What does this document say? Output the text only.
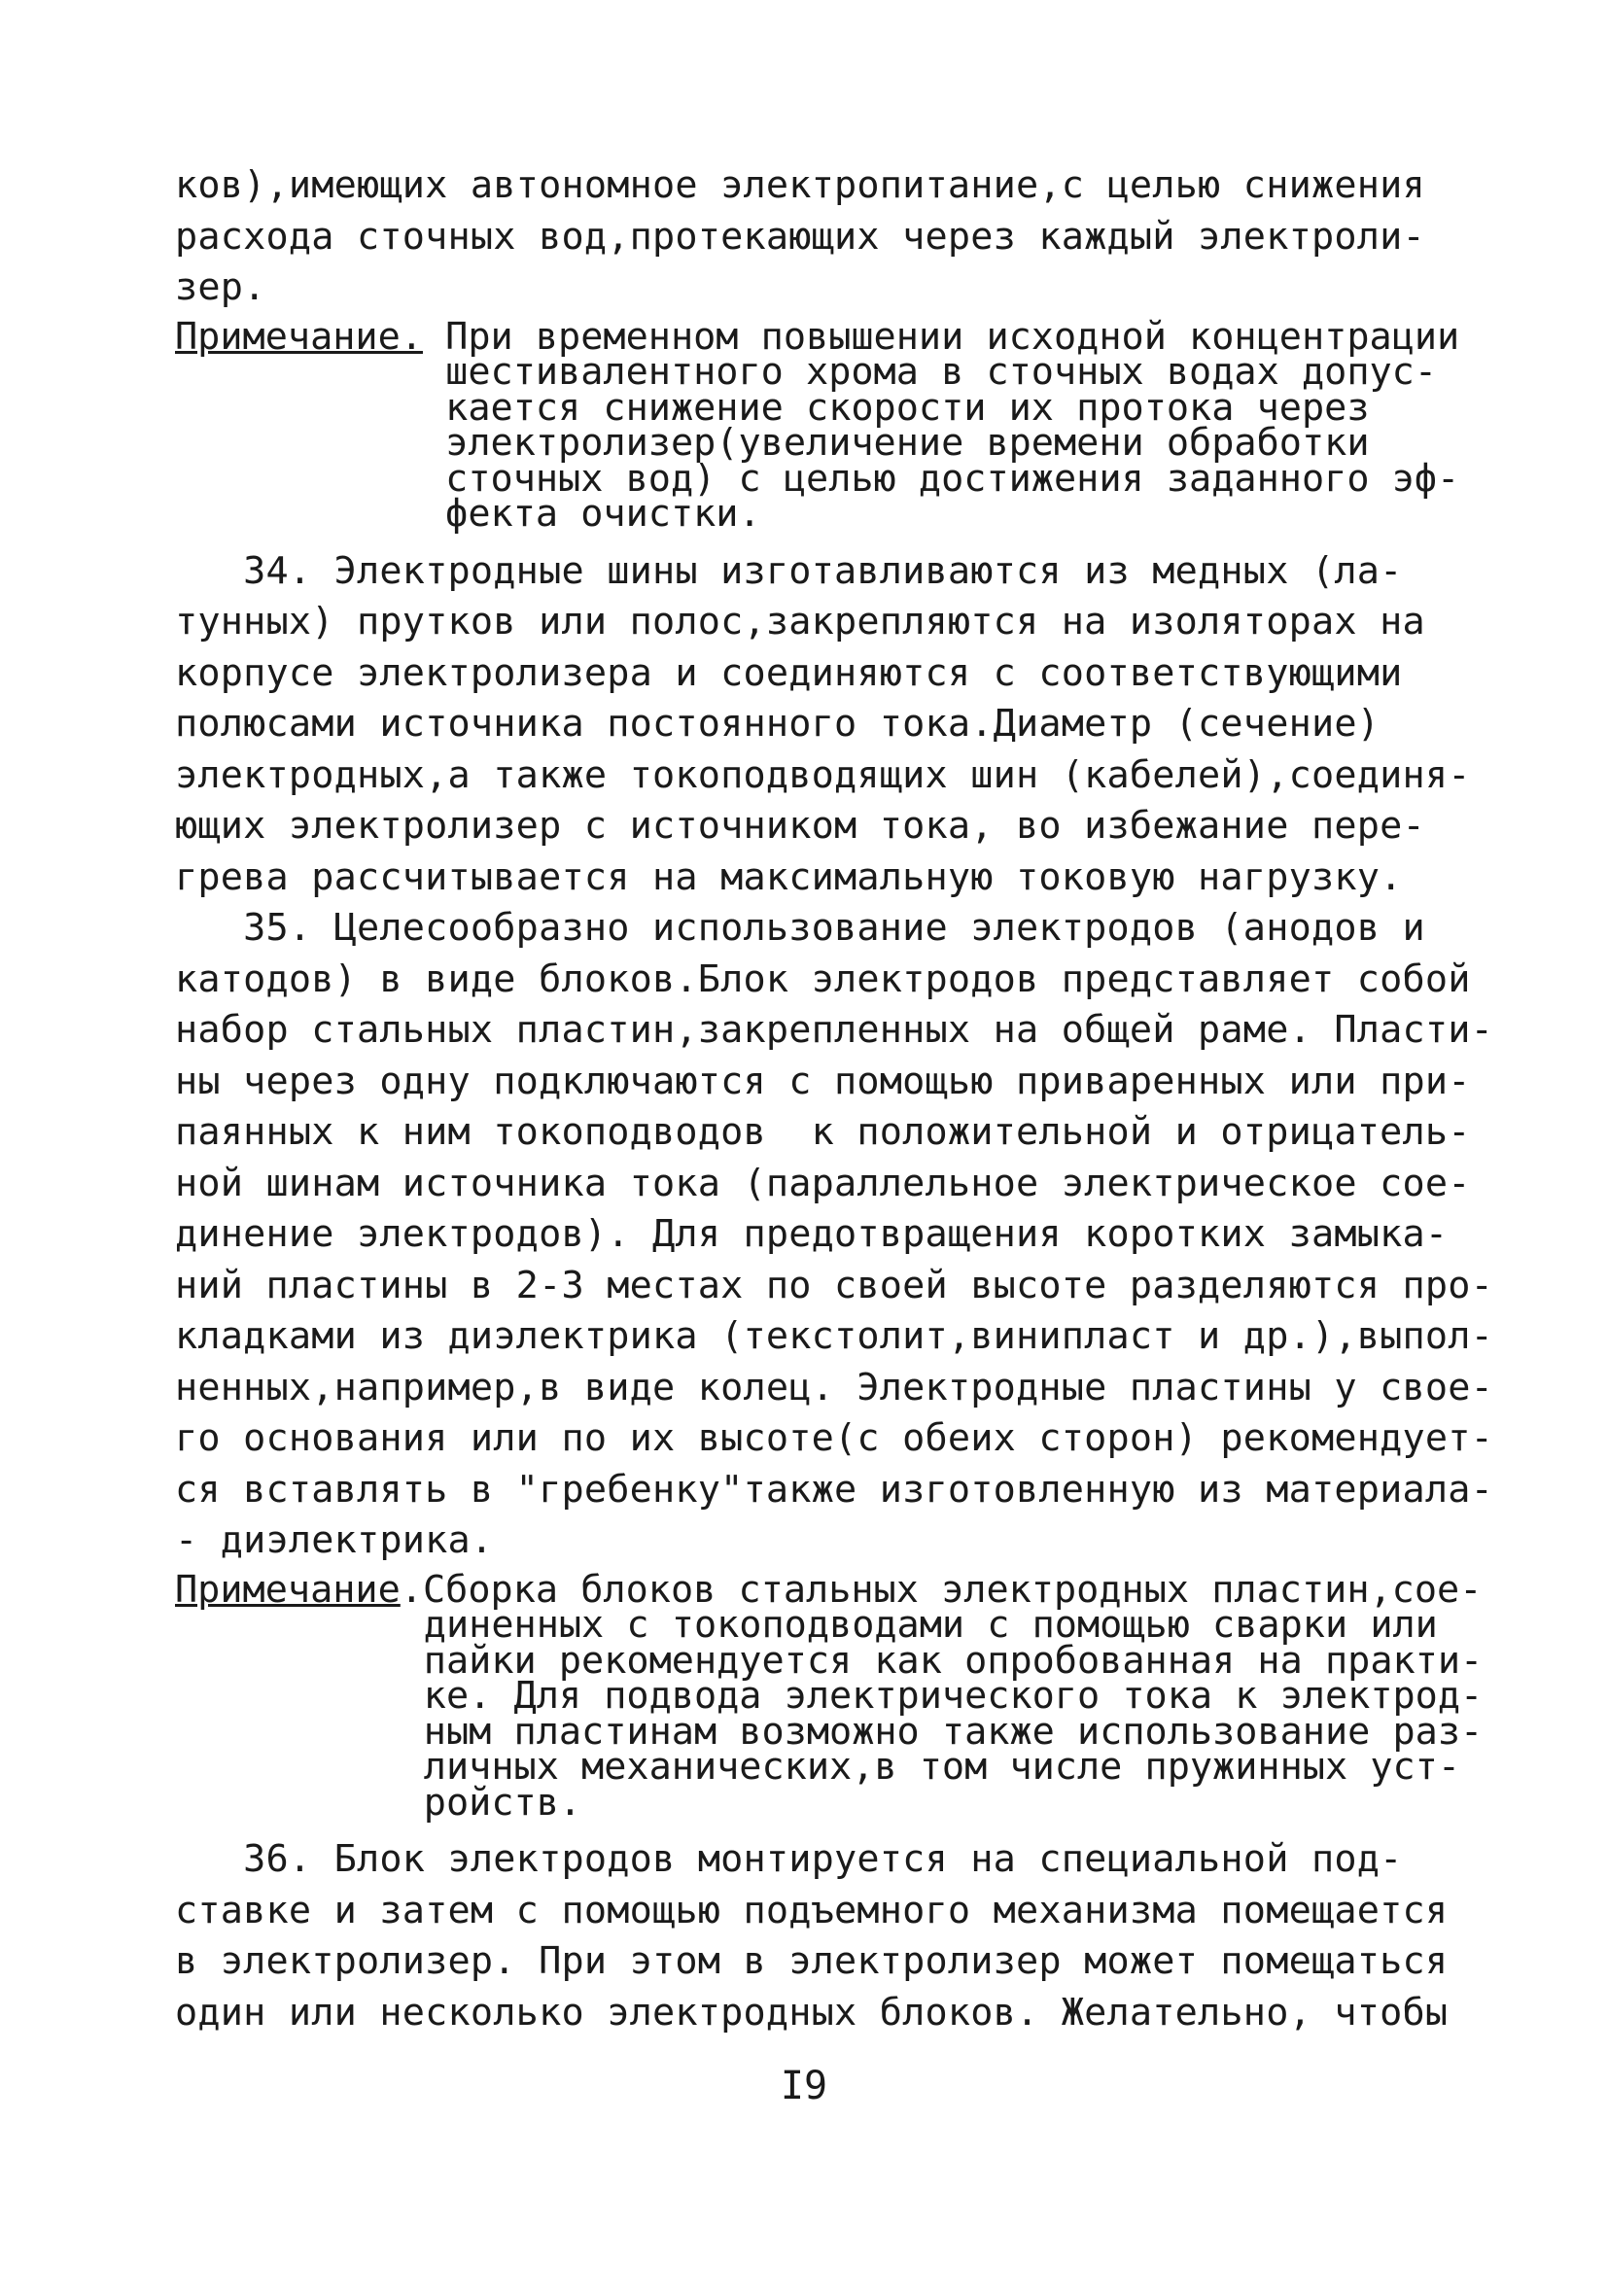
ков),имеющих автономное электропитание,с целью снижения
расхода сточных вод,протекающих через каждый электроли-
зер.
Примечание.
При временном повышении исходной концентрации
шестивалентного хрома в сточных водах допус-
кается снижение скорости их протока через
электролизер(увеличение времени обработки
сточных вод) с целью достижения заданного эф-
фекта очистки.
34. Электродные шины изготавливаются из медных (ла-
тунных) прутков или полос,закрепляются на изоляторах на
корпусе электролизера и соединяются с соответствующими
полюсами источника постоянного тока.Диаметр (сечение)
электродных,а также токоподводящих шин (кабелей),соединя-
ющих электролизер с источником тока, во избежание пере-
грева рассчитывается на максимальную токовую нагрузку.
35. Целесообразно использование электродов (анодов и
катодов) в виде блоков.Блок электродов представляет собой
набор стальных пластин,закрепленных на общей раме. Пласти-
ны через одну подключаются с помощью приваренных или при-
паянных к ним токоподводов  к положительной и отрицатель-
ной шинам источника тока (параллельное электрическое сое-
динение электродов). Для предотвращения коротких замыка-
ний пластины в 2-3 местах по своей высоте разделяются про-
кладками из диэлектрика (текстолит,винипласт и др.),выпол-
ненных,например,в виде колец. Электродные пластины у свое-
го основания или по их высоте(с обеих сторон) рекомендует-
ся вставлять в "гребенку"также изготовленную из материала-
- диэлектрика.
Примечание .Сборка блоков стальных электродных пластин,сое-
диненных с токоподводами с помощью сварки или
пайки рекомендуется как опробованная на практи-
ке. Для подвода электрического тока к электрод-
ным пластинам возможно также использование раз-
личных механических,в том числе пружинных уст-
ройств.
36. Блок электродов монтируется на специальной под-
ставке и затем с помощью подъемного механизма помещается
в электролизер. При этом в электролизер может помещаться
один или несколько электродных блоков. Желательно, чтобы
I9
